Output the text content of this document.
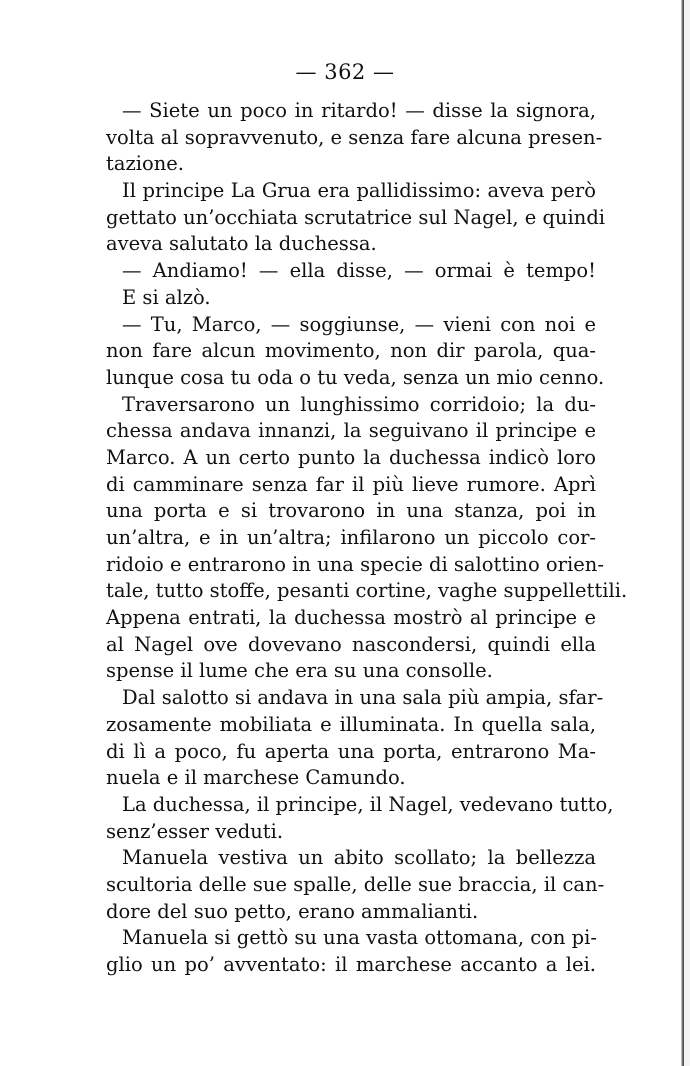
— 362 —
— Siete un poco in ritardo! — disse la signora,
volta al sopravvenuto, e senza fare alcuna presen-
tazione.
Il principe La Grua era pallidissimo: aveva però
gettato un’occhiata scrutatrice sul Nagel, e quindi
aveva salutato la duchessa.
— Andiamo! — ella disse, — ormai è tempo!
E si alzò.
— Tu, Marco, — soggiunse, — vieni con noi e
non fare alcun movimento, non dir parola, qua-
lunque cosa tu oda o tu veda, senza un mio cenno.
Traversarono un lunghissimo corridoio; la du-
chessa andava innanzi, la seguivano il principe e
Marco. A un certo punto la duchessa indicò loro
di camminare senza far il più lieve rumore. Aprì
una porta e si trovarono in una stanza, poi in
un’altra, e in un’altra; infilarono un piccolo cor-
ridoio e entrarono in una specie di salottino orien-
tale, tutto stoffe, pesanti cortine, vaghe suppellettili.
Appena entrati, la duchessa mostrò al principe e
al Nagel ove dovevano nascondersi, quindi ella
spense il lume che era su una consolle.
Dal salotto si andava in una sala più ampia, sfar-
zosamente mobiliata e illuminata. In quella sala,
di lì a poco, fu aperta una porta, entrarono Ma-
nuela e il marchese Camundo.
La duchessa, il principe, il Nagel, vedevano tutto,
senz’esser veduti.
Manuela vestiva un abito scollato; la bellezza
scultoria delle sue spalle, delle sue braccia, il can-
dore del suo petto, erano ammalianti.
Manuela si gettò su una vasta ottomana, con pi-
glio un po’ avventato: il marchese accanto a lei.
